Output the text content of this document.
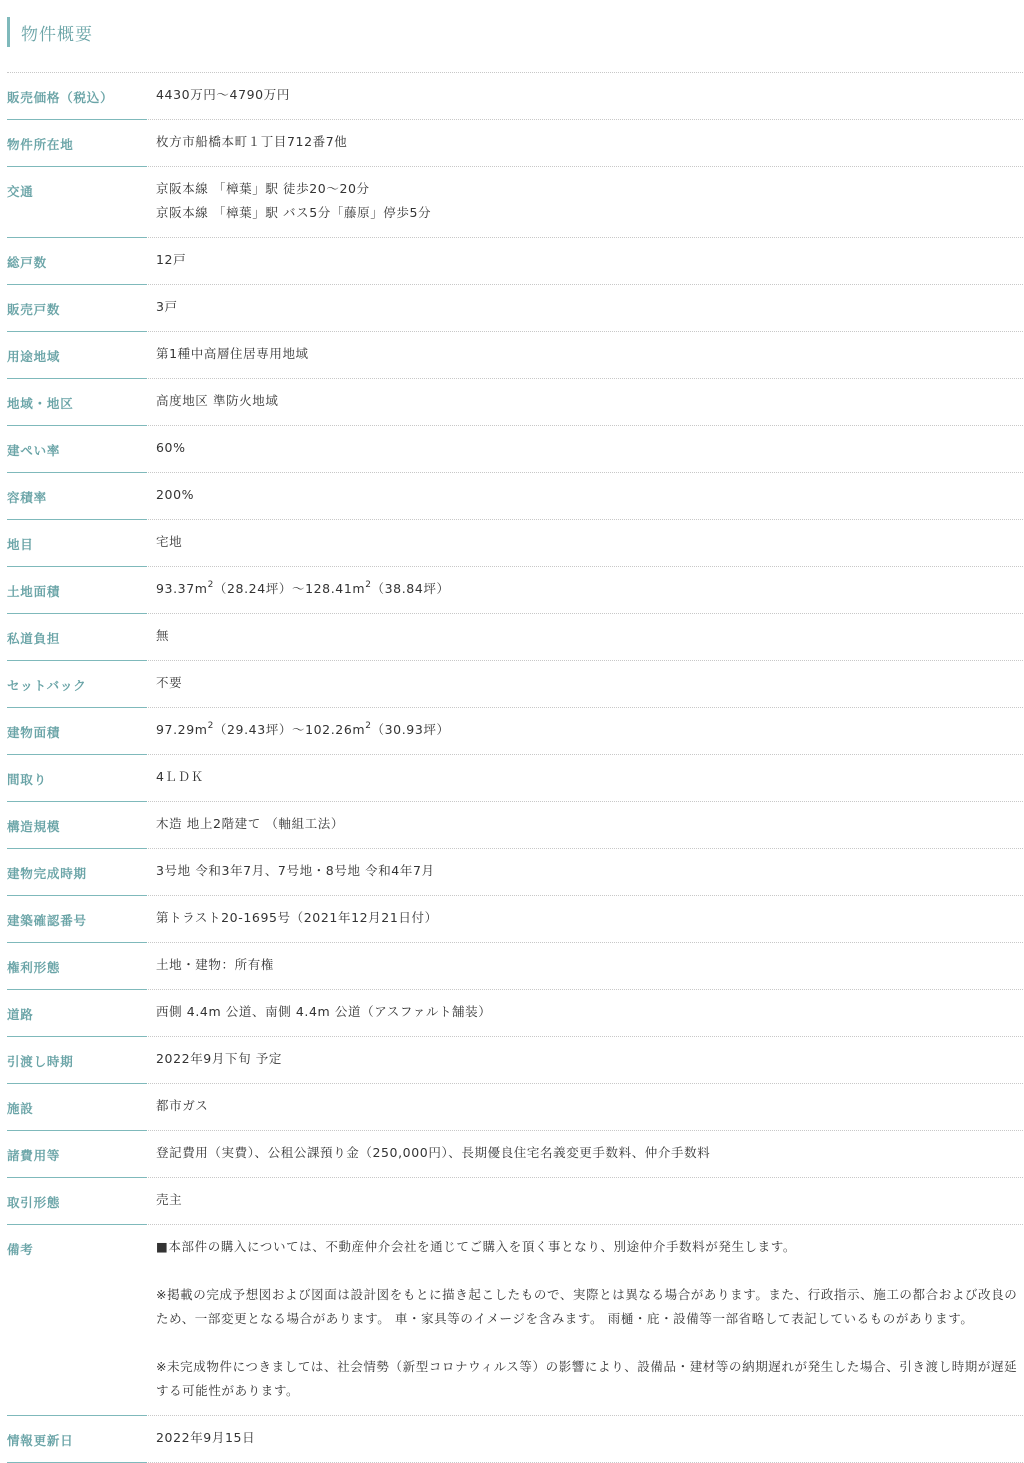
物件概要
販売価格（税込）	4430万円〜4790万円
物件所在地	枚方市船橋本町１丁目712番7他
交通	京阪本線 「樟葉」駅 徒歩20〜20分
京阪本線 「樟葉」駅 バス5分「藤原」停歩5分
総戸数	12戸
販売戸数	3戸
用途地域	第1種中高層住居専用地域
地域・地区	高度地区 準防火地域
建ぺい率	60%
容積率	200%
地目	宅地
土地面積	$93.37m^2(28.24$坪）〜$128.41m^2(38.84$坪）
私道負担	無
セットバック	不要
建物面積	$97.29m^2(29.43$坪）〜$102.26m^2(30.93$坪）
間取り	4ＬＤＫ
構造規模	木造 地上2階建て （軸組工法）
建物完成時期	3号地 令和3年7月、7号地・8号地 令和4年7月
建築確認番号	第トラスト20-1695号（2021年12月21日付）
権利形態	土地・建物：所有権
道路	西側 4.4m 公道、南側 4.4m 公道（アスファルト舗装）
引渡し時期	2022年9月下旬 予定
施設	都市ガス
諸費用等	登記費用（実費）、公租公課預り金（250,000円）、長期優良住宅名義変更手数料、仲介手数料
取引形態	売主
備考	■本部件の購入については、不動産仲介会社を通じてご購入を頂く事となり、別途仲介手数料が発生します。
※掲載の完成予想図および図面は設計図をもとに描き起こしたもので、実際とは異なる場合があります。また、行政指示、施工の都合および改良のため、一部変更となる場合があります。 車・家具等のイメージを含みます。 雨樋・庇・設備等一部省略して表記しているものがあります。
※未完成物件につきましては、社会情勢（新型コロナウィルス等）の影響により、設備品・建材等の納期遅れが発生した場合、引き渡し時期が遅延する可能性があります。
情報更新日	2022年9月15日
